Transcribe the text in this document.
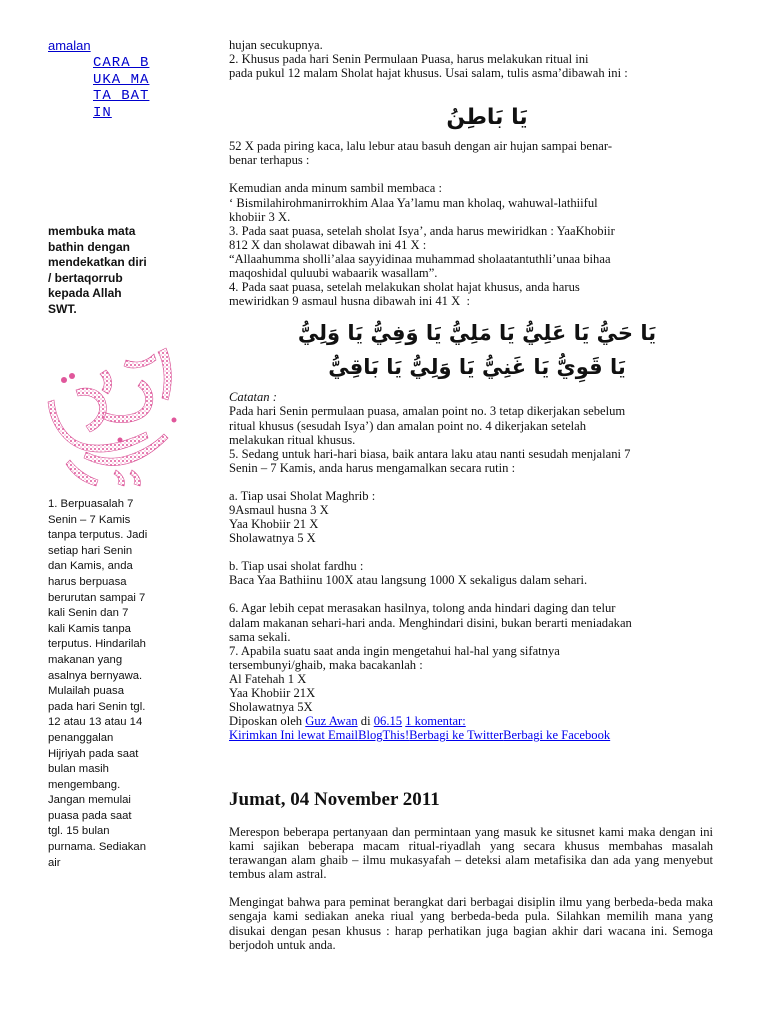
amalan
CARA BUKA MATA BATIN
membuka mata bathin dengan mendekatkan diri / bertaqorrub kepada Allah SWT.
1. Berpuasalah 7 Senin – 7 Kamis tanpa terputus. Jadi setiap hari Senin dan Kamis, anda harus berpuasa berurutan sampai 7 kali Senin dan 7 kali Kamis tanpa terputus. Hindarilah makanan yang asalnya bernyawa. Mulailah puasa pada hari Senin tgl. 12 atau 13 atau 14 penanggalan Hijriyah pada saat bulan masih mengembang. Jangan memulai puasa pada saat tgl. 15 bulan purnama. Sediakan air

hujan secukupnya.

2. Khusus pada hari Senin Permulaan Puasa, harus melakukan ritual ini

pada pukul 12 malam Sholat hajat khusus. Usai salam, tulis asma’dibawah ini :

يَا بَاطِنُ

52 X pada piring kaca, lalu lebur atau basuh dengan air hujan sampai benar-

benar terhapus :

Kemudian anda minum sambil membaca :

‘ Bismilahirohmanirrokhim Alaa Ya’lamu man kholaq, wahuwal-lathiiful

khobiir 3 X.

3. Pada saat puasa, setelah sholat Isya’, anda harus mewiridkan : YaaKhobiir

812 X dan sholawat dibawah ini 41 X :

“Allaahumma sholli’alaa sayyidinaa muhammad sholaatantuthli’unaa bihaa

maqoshidal quluubi wabaarik wasallam”.

4. Pada saat puasa, setelah melakukan sholat hajat khusus, anda harus

mewiridkan 9 asmaul husna dibawah ini 41 X  :

يَا حَيُّ يَا عَلِيُّ يَا مَلِيُّ يَا وَفِيُّ يَا وَلِيُّ
يَا قَوِيُّ يَا غَنِيُّ يَا وَلِيُّ يَا بَاقِيُّ

Catatan :

Pada hari Senin permulaan puasa, amalan point no. 3 tetap dikerjakan sebelum

ritual khusus (sesudah Isya’) dan amalan point no. 4 dikerjakan setelah

melakukan ritual khusus.

5. Sedang untuk hari-hari biasa, baik antara laku atau nanti sesudah menjalani 7

Senin – 7 Kamis, anda harus mengamalkan secara rutin :

a. Tiap usai Sholat Maghrib :

9Asmaul husna 3 X

Yaa Khobiir 21 X

Sholawatnya 5 X

b. Tiap usai sholat fardhu :

Baca Yaa Bathiinu 100X atau langsung 1000 X sekaligus dalam sehari.

6. Agar lebih cepat merasakan hasilnya, tolong anda hindari daging dan telur

dalam makanan sehari-hari anda. Menghindari disini, bukan berarti meniadakan

sama sekali.

7. Apabila suatu saat anda ingin mengetahui hal-hal yang sifatnya

tersembunyi/ghaib, maka bacakanlah :

Al Fatehah 1 X

Yaa Khobiir 21X

Sholawatnya 5X

Diposkan oleh Guz Awan di 06.15 1 komentar:

Kirimkan Ini lewat EmailBlogThis!Berbagi ke TwitterBerbagi ke Facebook

Jumat, 04 November 2011

Merespon beberapa pertanyaan dan permintaan yang masuk ke situsnet kami maka dengan ini kami sajikan beberapa macam ritual-riyadlah yang secara khusus membahas masalah terawangan alam ghaib – ilmu mukasyafah – deteksi alam metafisika dan ada yang menyebut tembus alam astral.

Mengingat bahwa para peminat berangkat dari berbagai disiplin ilmu yang berbeda-beda maka sengaja kami sediakan aneka riual yang berbeda-beda pula. Silahkan memilih mana yang disukai dengan pesan khusus : harap perhatikan juga bagian akhir dari wacana ini. Semoga berjodoh untuk anda.
